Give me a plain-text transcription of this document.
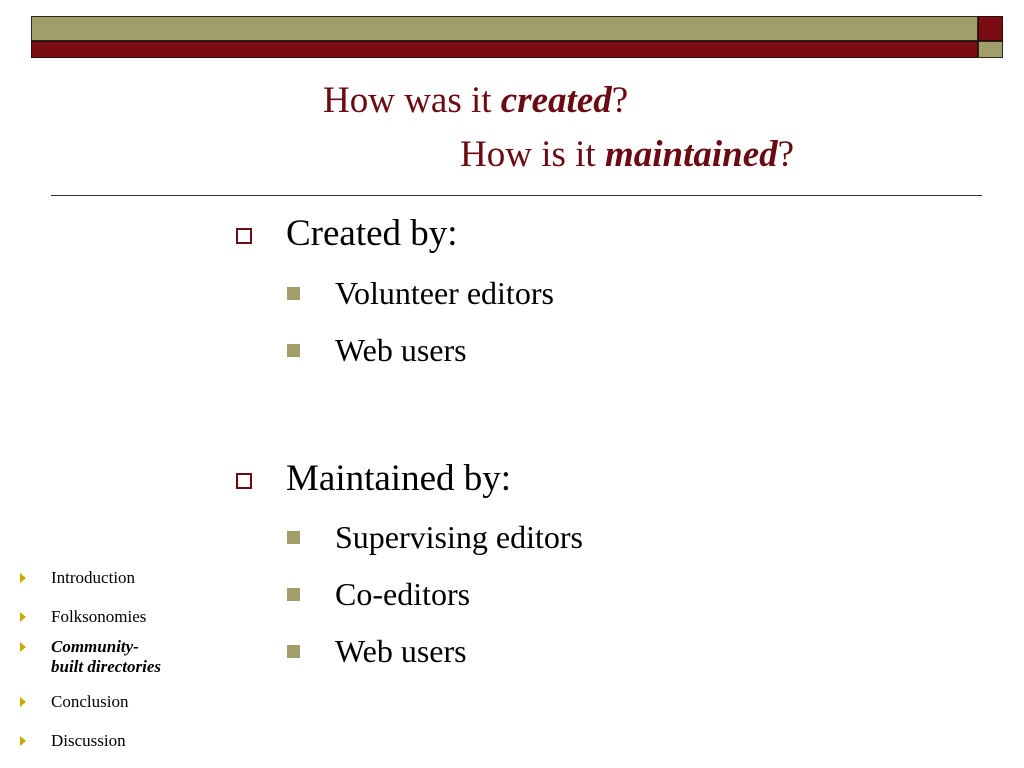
How was it created?
How is it maintained?
Created by:
Volunteer editors
Web users
Maintained by:
Supervising editors
Co-editors
Web users
Introduction
Folksonomies
Community-
built directories
Conclusion
Discussion
